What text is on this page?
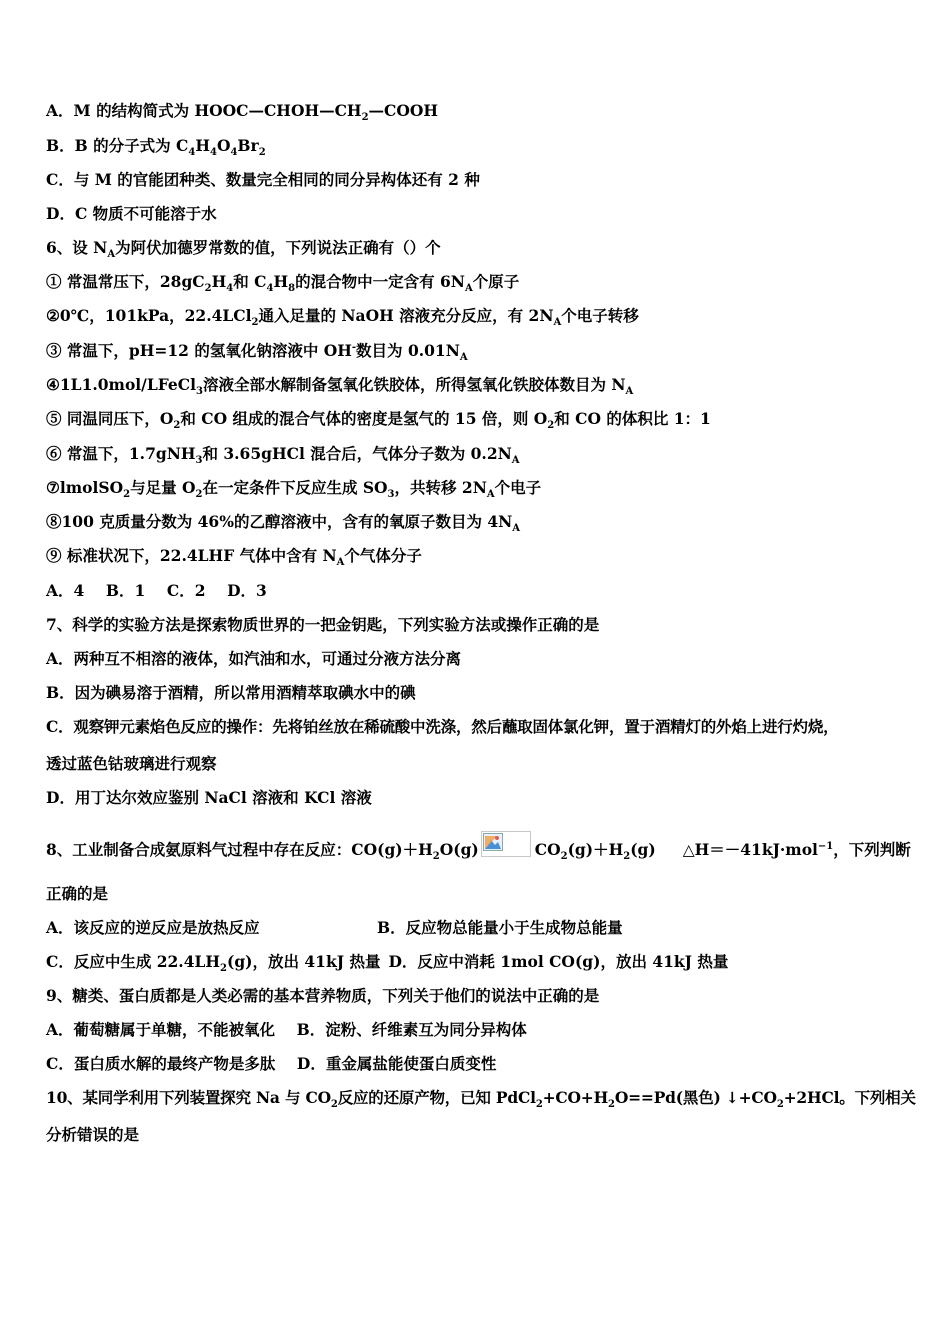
A．M 的结构简式为 $HOOC—CHOH—CH_2—COOH$
B．B 的分子式为 $C_4H_4O_4Br_2$
C．与 M 的官能团种类、数量完全相同的同分异构体还有 2 种
D．C 物质不可能溶于水
6、设 $N_A$为阿伏加德罗常数的值，下列说法正确有（）个
① 常温常压下，$28gC_2H_4$和 $C_4H_8$的混合物中一定含有 $6N_A$个原子
②0℃，101kPa，22.4LCl$_2$通入足量的 NaOH 溶液充分反应，有 $2N_A$个电子转移
③ 常温下，pH=12 的氢氧化钠溶液中 OH-数目为 $0.01N_A$
④1L1.0mol/LFeCl$_3$溶液全部水解制备氢氧化铁胶体，所得氢氧化铁胶体数目为 $N_A$
⑤ 同温同压下，$O_2$和 CO 组成的混合气体的密度是氢气的 15 倍，则 $O_2$和 CO 的体积比 1：1
⑥ 常温下，1.7gNH$_3$和 3.65gHCl 混合后，气体分子数为 $0.2N_A$
⑦lmolSO$_2$与足量 $O_2$在一定条件下反应生成 $SO_3$，共转移 $2N_A$个电子
⑧100 克质量分数为 46%的乙醇溶液中，含有的氧原子数目为 $4N_A$
⑨ 标准状况下，22.4LHF 气体中含有 $N_A$个气体分子
A．4    B．1    C．2    D．3
7、科学的实验方法是探索物质世界的一把金钥匙，下列实验方法或操作正确的是
A．两种互不相溶的液体，如汽油和水，可通过分液方法分离
B．因为碘易溶于酒精，所以常用酒精萃取碘水中的碘
C．观察钾元素焰色反应的操作：先将铂丝放在稀硫酸中洗涤，然后蘸取固体氯化钾，置于酒精灯的外焰上进行灼烧，
透过蓝色钴玻璃进行观察
D．用丁达尔效应鉴别 NaCl 溶液和 KCl 溶液
8、工业制备合成氨原料气过程中存在反应：$CO(g)+H_2O(g)$	$CO_2(g)+H_2(g)$     △H＝－41kJ·mol$^{-1}$，下列判断
正确的是
A．该反应的逆反应是放热反应	B．反应物总能量小于生成物总能量
C．反应中生成 $22.4LH_2(g)$，放出 41kJ 热量 D．反应中消耗 1mol CO(g)，放出 41kJ 热量
9、糖类、蛋白质都是人类必需的基本营养物质，下列关于他们的说法中正确的是
A．葡萄糖属于单糖，不能被氧化    B．淀粉、纤维素互为同分异构体
C．蛋白质水解的最终产物是多肽    D．重金属盐能使蛋白质变性
10、某同学利用下列装置探究 Na 与 $CO_2$反应的还原产物，已知 $PdCl_2+CO+H_2O==Pd$(黑色) $↓+CO_2+2HCl$。下列相关
分析错误的是
